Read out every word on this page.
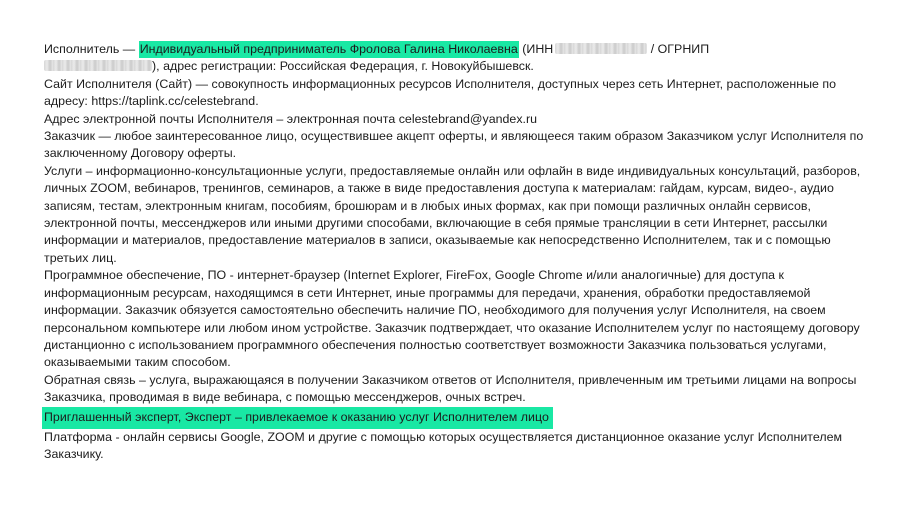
Исполнитель — Индивидуальный предприниматель Фролова Галина Николаевна (ИНН	/ ОГРНИП
), адрес регистрации: Российская Федерация, г. Новокуйбышевск.

Сайт Исполнителя (Сайт) — совокупность информационных ресурсов Исполнителя, доступных через сеть Интернет, расположенные по адресу: https://taplink.cc/celestebrand.

Адрес электронной почты Исполнителя – электронная почта celestebrand@yandex.ru

Заказчик — любое заинтересованное лицо, осуществившее акцепт оферты, и являющееся таким образом Заказчиком услуг Исполнителя по заключенному Договору оферты.

Услуги – информационно-консультационные услуги, предоставляемые онлайн или офлайн в виде индивидуальных консультаций, разборов, личных ZOOM, вебинаров, тренингов, семинаров, а также в виде предоставления доступа к материалам: гайдам, курсам, видео-, аудио записям, тестам, электронным книгам, пособиям, брошюрам и в любых иных формах, как при помощи различных онлайн сервисов, электронной почты, мессенджеров или иными другими способами, включающие в себя прямые трансляции в сети Интернет, рассылки информации и материалов, предоставление материалов в записи, оказываемые как непосредственно Исполнителем, так и с помощью третьих лиц.

Программное обеспечение, ПО - интернет-браузер (Internet Explorer, FireFox, Google Chrome и/или аналогичные) для доступа к информационным ресурсам, находящимся в сети Интернет, иные программы для передачи, хранения, обработки предоставляемой информации. Заказчик обязуется самостоятельно обеспечить наличие ПО, необходимого для получения услуг Исполнителя, на своем персональном компьютере или любом ином устройстве. Заказчик подтверждает, что оказание Исполнителем услуг по настоящему договору дистанционно с использованием программного обеспечения полностью соответствует возможности Заказчика пользоваться услугами, оказываемыми таким способом.

Обратная связь – услуга, выражающаяся в получении Заказчиком ответов от Исполнителя, привлеченным им третьими лицами на вопросы Заказчика, проводимая в виде вебинара, с помощью мессенджеров, очных встреч.

Приглашенный эксперт, Эксперт – привлекаемое к оказанию услуг Исполнителем лицо

Платформа - онлайн сервисы Google, ZOOM и другие с помощью которых осуществляется дистанционное оказание услуг Исполнителем Заказчику.
